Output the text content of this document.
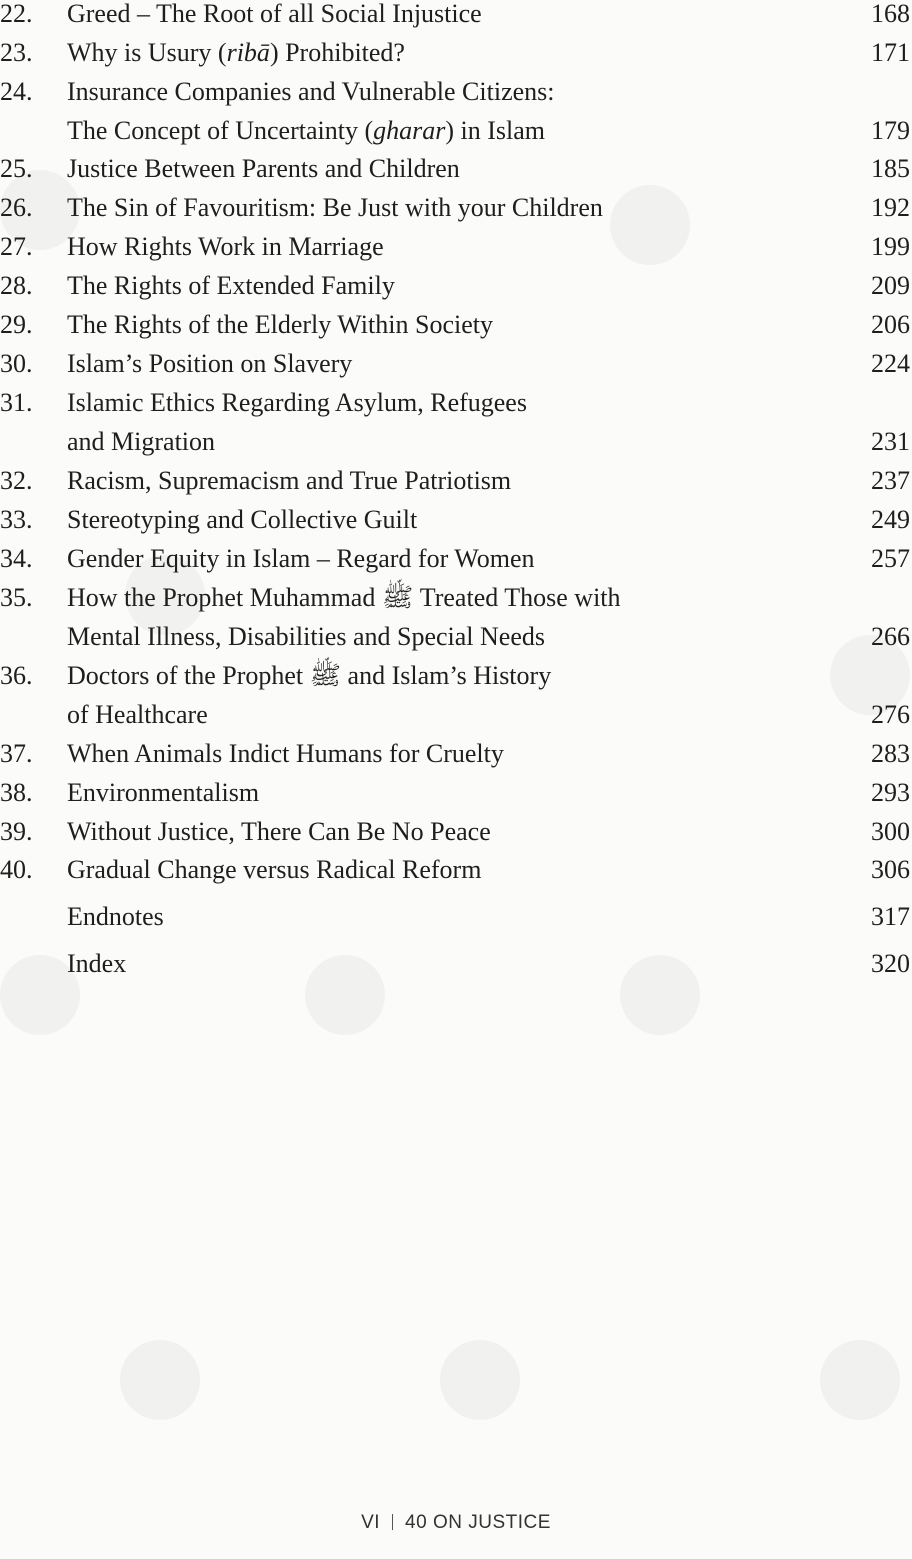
22.	Greed – The Root of all Social Injustice	168
23.	Why is Usury (ribā) Prohibited?	171
24.	Insurance Companies and Vulnerable Citizens:
The Concept of Uncertainty (gharar) in Islam	179
25.	Justice Between Parents and Children	185
26.	The Sin of Favouritism: Be Just with your Children	192
27.	How Rights Work in Marriage	199
28.	The Rights of Extended Family	209
29.	The Rights of the Elderly Within Society	206
30.	Islam’s Position on Slavery	224
31.	Islamic Ethics Regarding Asylum, Refugees
and Migration	231
32.	Racism, Supremacism and True Patriotism	237
33.	Stereotyping and Collective Guilt	249
34.	Gender Equity in Islam – Regard for Women	257
35.	How the Prophet Muhammad ﷺ Treated Those with
Mental Illness, Disabilities and Special Needs	266
36.	Doctors of the Prophet ﷺ and Islam’s History
of Healthcare	276
37.	When Animals Indict Humans for Cruelty	283
38.	Environmentalism	293
39.	Without Justice, There Can Be No Peace	300
40.	Gradual Change versus Radical Reform	306
Endnotes	317
Index	320
VI 40 ON JUSTICE
